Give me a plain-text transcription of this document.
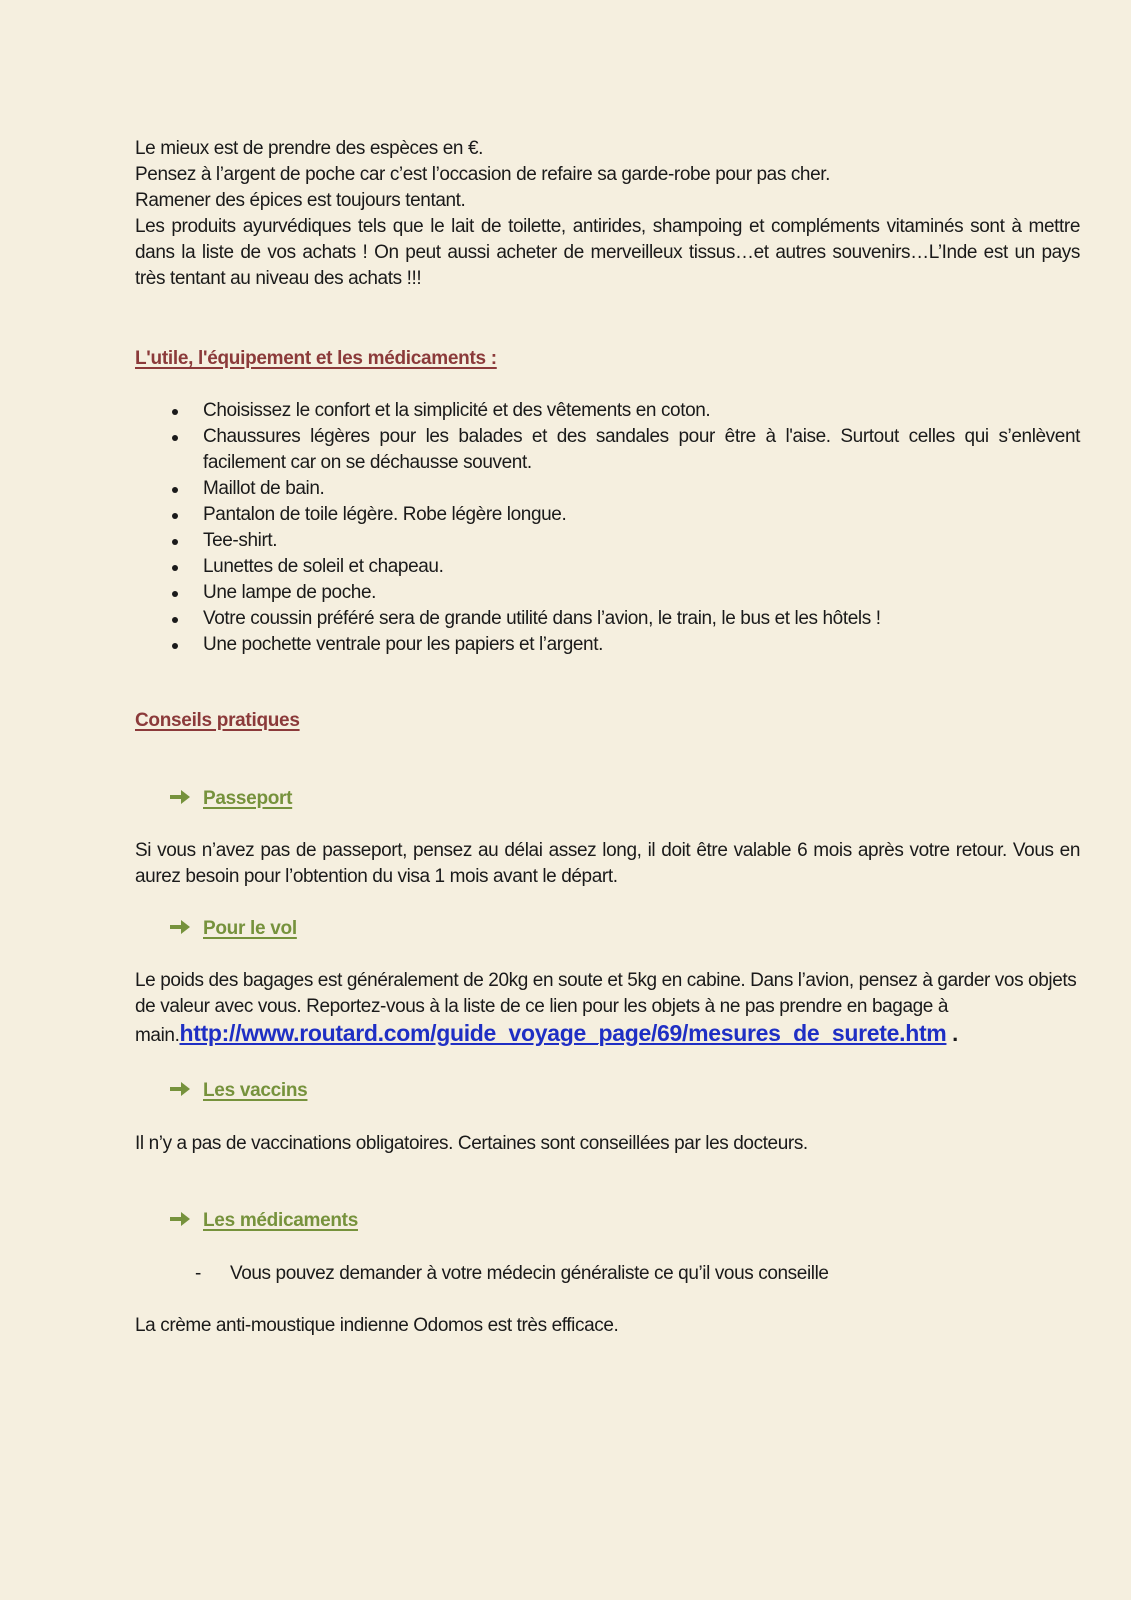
Le mieux est de prendre des espèces en €.

Pensez à l’argent de poche car c’est l’occasion de refaire sa garde-robe pour pas cher.

Ramener des épices est toujours tentant.

Les produits ayurvédiques tels que le lait de toilette, antirides, shampoing et compléments vitaminés sont à mettre dans la liste de vos achats ! On peut aussi acheter de merveilleux tissus…et autres souvenirs…L’Inde est un pays très tentant au niveau des achats !!!

L'utile, l'équipement et les médicaments :
Choisissez le confort et la simplicité et des vêtements en coton.
Chaussures légères pour les balades et des sandales pour être à l'aise. Surtout celles qui s’enlèvent facilement car on se déchausse souvent.
Maillot de bain.
Pantalon de toile légère. Robe légère longue.
Tee-shirt.
Lunettes de soleil et chapeau.
Une lampe de poche.
Votre coussin préféré sera de grande utilité dans l’avion, le train, le bus et les hôtels !
Une pochette ventrale pour les papiers et l’argent.
Conseils pratiques
Passeport

Si vous n’avez pas de passeport, pensez au délai assez long, il doit être valable 6 mois après votre retour. Vous en aurez besoin pour l’obtention du visa 1 mois avant le départ.

Pour le vol

Le poids des bagages est généralement de 20kg en soute et 5kg en cabine. Dans l’avion, pensez à garder vos objets de valeur avec vous. Reportez-vous à la liste de ce lien pour les objets à ne pas prendre en bagage à main.http://www.routard.com/guide_voyage_page/69/mesures_de_surete.htm .

Les vaccins

Il n’y a pas de vaccinations obligatoires. Certaines sont conseillées par les docteurs.

Les médicaments
- Vous pouvez demander à votre médecin généraliste ce qu’il vous conseille

La crème anti-moustique indienne Odomos est très efficace.
